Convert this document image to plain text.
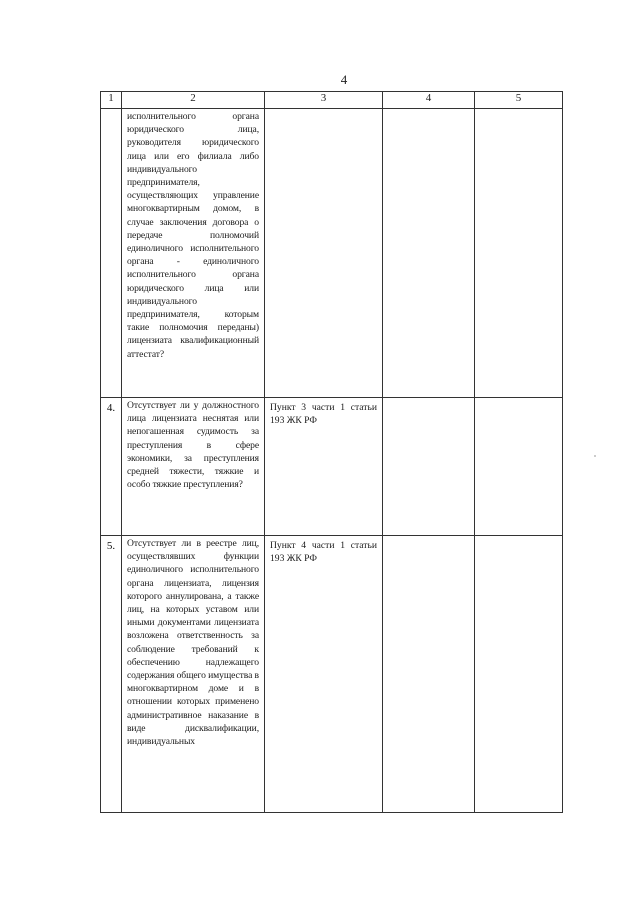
4
1	2	3	4	5
	исполнительного органа юридического лица, руководителя юридического лица или его филиала либо индивидуального предпринимателя, осуществляющих управление многоквартирным домом, в случае заключения договора о передаче полномочий единоличного исполнительного органа - единоличного исполнительного органа юридического лица или индивидуального предпринимателя, которым такие полномочия переданы) лицензиата квалификационный аттестат?			
4.	Отсутствует ли у должностного лица лицензиата неснятая или непогашенная судимость за преступления в сфере экономики, за преступления средней тяжести, тяжкие и особо тяжкие преступления?	Пункт 3 части 1 статьи 193 ЖК РФ		
5.	Отсутствует ли в реестре лиц, осуществлявших функции единоличного исполнительного органа лицензиата, лицензия которого аннулирована, а также лиц, на которых уставом или иными документами лицензиата возложена ответственность за соблюдение требований к обеспечению надлежащего содержания общего имущества в многоквартирном доме и в отношении которых применено административное наказание в виде дисквалификации, индивидуальных	Пункт 4 части 1 статьи 193 ЖК РФ		
